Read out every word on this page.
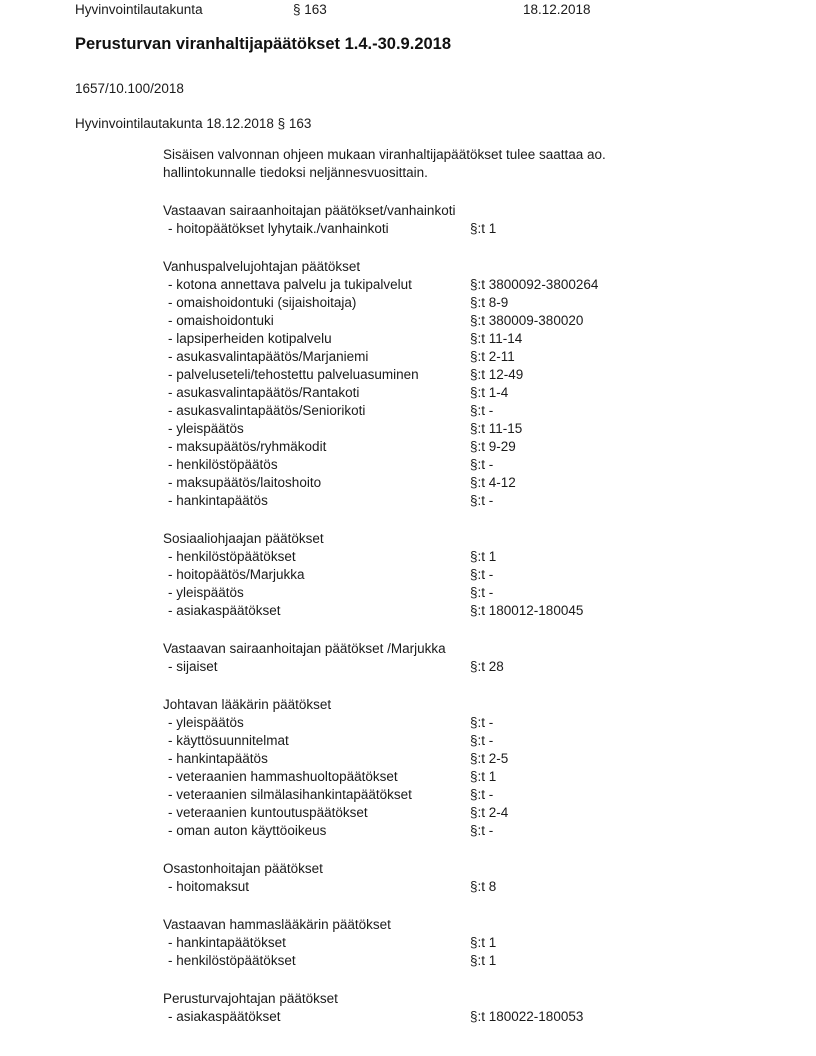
Hyvinvointilautakunta	§ 163	18.12.2018
Perusturvan viranhaltijapäätökset 1.4.-30.9.2018
1657/10.100/2018
Hyvinvointilautakunta 18.12.2018 § 163
Sisäisen valvonnan ohjeen mukaan viranhaltijapäätökset tulee saattaa ao.
hallintokunnalle tiedoksi neljännesvuosittain.
Vastaavan sairaanhoitajan päätökset/vanhainkoti
- hoitopäätökset lyhytaik./vanhainkoti	§:t 1
Vanhuspalvelujohtajan päätökset
- kotona annettava palvelu ja tukipalvelut	§:t 3800092-3800264
- omaishoidontuki (sijaishoitaja)	§:t 8-9
- omaishoidontuki	§:t 380009-380020
- lapsiperheiden kotipalvelu	§:t 11-14
- asukasvalintapäätös/Marjaniemi	§:t 2-11
- palveluseteli/tehostettu palveluasuminen	§:t 12-49
- asukasvalintapäätös/Rantakoti	§:t 1-4
- asukasvalintapäätös/Seniorikoti	§:t -
- yleispäätös	§:t 11-15
- maksupäätös/ryhmäkodit	§:t 9-29
- henkilöstöpäätös	§:t -
- maksupäätös/laitoshoito	§:t 4-12
- hankintapäätös	§:t -
Sosiaaliohjaajan päätökset
- henkilöstöpäätökset	§:t 1
- hoitopäätös/Marjukka	§:t -
- yleispäätös	§:t -
- asiakaspäätökset	§:t 180012-180045
Vastaavan sairaanhoitajan päätökset /Marjukka
- sijaiset	§:t 28
Johtavan lääkärin päätökset
- yleispäätös	§:t -
- käyttösuunnitelmat	§:t -
- hankintapäätös	§:t 2-5
- veteraanien hammashuoltopäätökset	§:t 1
- veteraanien silmälasihankintapäätökset	§:t -
- veteraanien kuntoutuspäätökset	§:t 2-4
- oman auton käyttöoikeus	§:t -
Osastonhoitajan päätökset
- hoitomaksut	§:t 8
Vastaavan hammaslääkärin päätökset
- hankintapäätökset	§:t 1
- henkilöstöpäätökset	§:t 1
Perusturvajohtajan päätökset
- asiakaspäätökset	§:t 180022-180053
